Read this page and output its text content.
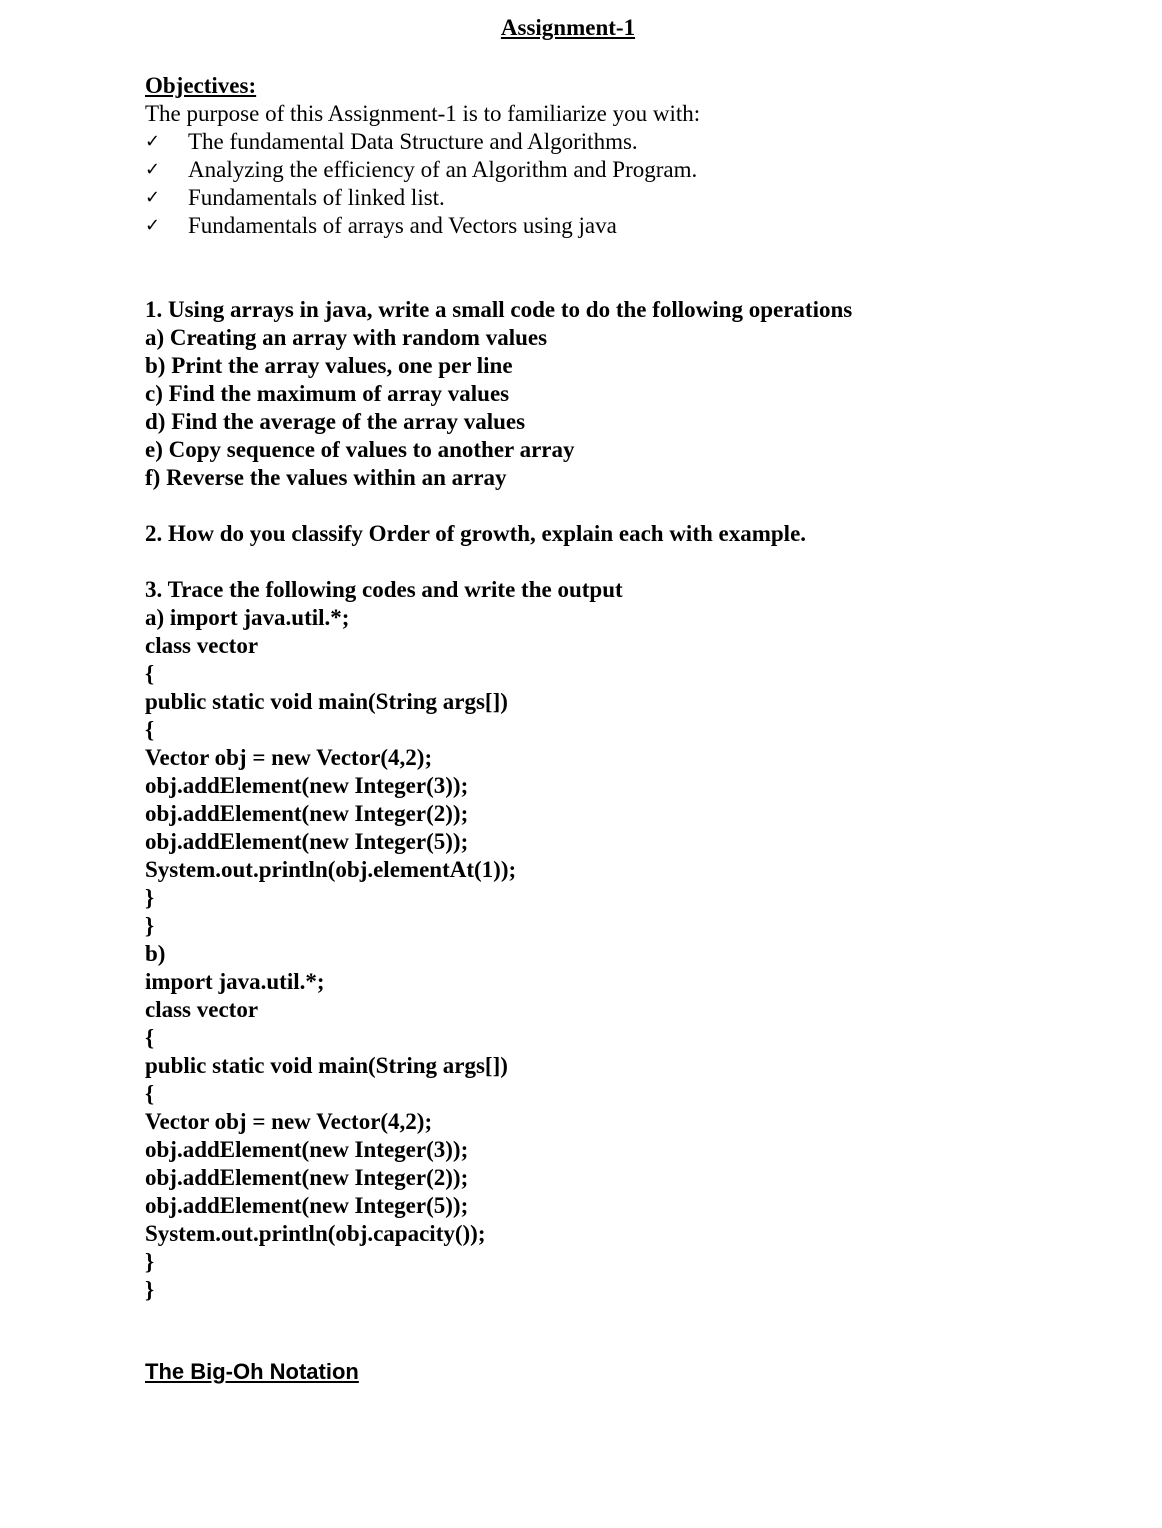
Assignment-1
Objectives:
The purpose of this Assignment-1 is to familiarize you with:
✓	The fundamental Data Structure and Algorithms.
✓	Analyzing the efficiency of an Algorithm and Program.
✓	Fundamentals of linked list.
✓	Fundamentals of arrays and Vectors using java
1. Using arrays in java, write a small code to do the following operations
a) Creating an array with random values
b) Print the array values, one per line
c) Find the maximum of array values
d) Find the average of the array values
e) Copy sequence of values to another array
f) Reverse the values within an array
2. How do you classify Order of growth, explain each with example.
3. Trace the following codes and write the output
a) import java.util.*;
class vector
{
public static void main(String args[])
{
Vector obj = new Vector(4,2);
obj.addElement(new Integer(3));
obj.addElement(new Integer(2));
obj.addElement(new Integer(5));
System.out.println(obj.elementAt(1));
}
}
b)
import java.util.*;
class vector
{
public static void main(String args[])
{
Vector obj = new Vector(4,2);
obj.addElement(new Integer(3));
obj.addElement(new Integer(2));
obj.addElement(new Integer(5));
System.out.println(obj.capacity());
}
}
The Big-Oh Notation
